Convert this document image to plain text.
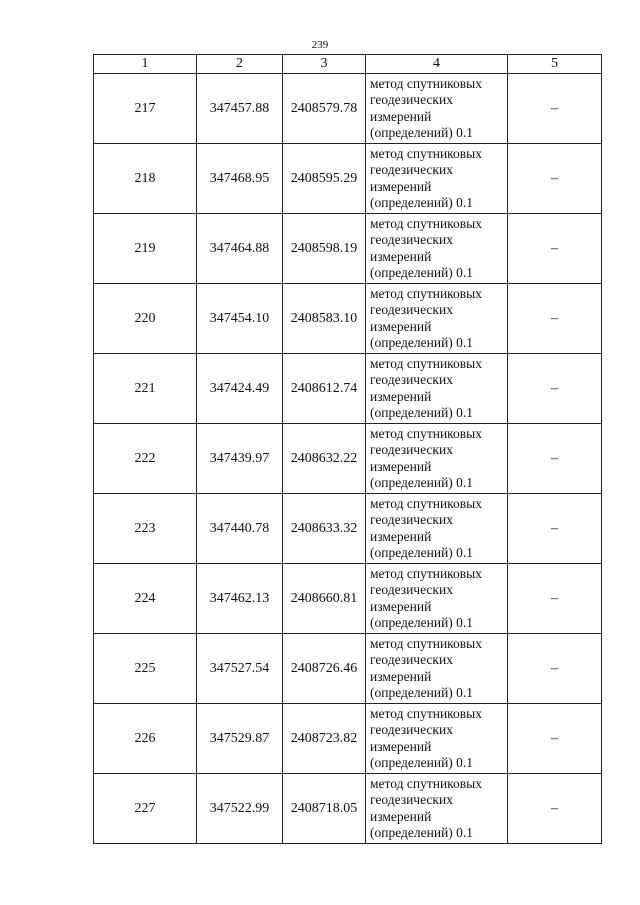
239
1	2	3	4	5
217	347457.88	2408579.78	метод спутниковых
геодезических
измерений
(определений) 0.1	–
218	347468.95	2408595.29	метод спутниковых
геодезических
измерений
(определений) 0.1	–
219	347464.88	2408598.19	метод спутниковых
геодезических
измерений
(определений) 0.1	–
220	347454.10	2408583.10	метод спутниковых
геодезических
измерений
(определений) 0.1	–
221	347424.49	2408612.74	метод спутниковых
геодезических
измерений
(определений) 0.1	–
222	347439.97	2408632.22	метод спутниковых
геодезических
измерений
(определений) 0.1	–
223	347440.78	2408633.32	метод спутниковых
геодезических
измерений
(определений) 0.1	–
224	347462.13	2408660.81	метод спутниковых
геодезических
измерений
(определений) 0.1	–
225	347527.54	2408726.46	метод спутниковых
геодезических
измерений
(определений) 0.1	–
226	347529.87	2408723.82	метод спутниковых
геодезических
измерений
(определений) 0.1	–
227	347522.99	2408718.05	метод спутниковых
геодезических
измерений
(определений) 0.1	–
